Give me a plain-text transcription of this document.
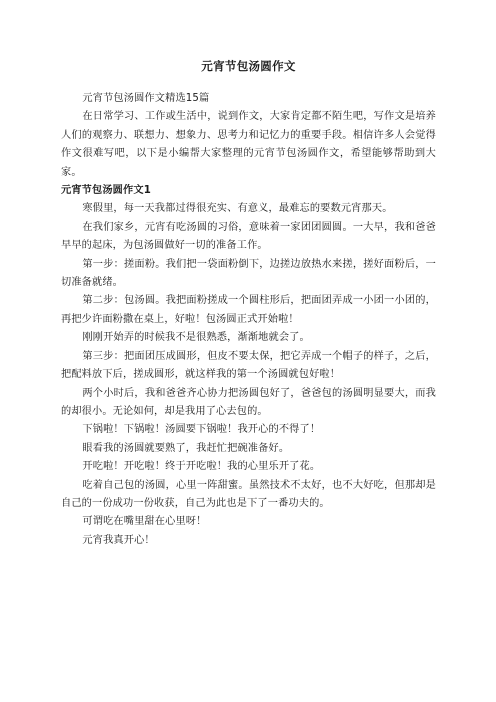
元宵节包汤圆作文

元宵节包汤圆作文精选15篇

在日常学习、工作或生活中，说到作文，大家肯定都不陌生吧，写作文是培养人们的观察力、联想力、想象力、思考力和记忆力的重要手段。相信许多人会觉得作文很难写吧，以下是小编帮大家整理的元宵节包汤圆作文，希望能够帮助到大家。

元宵节包汤圆作文1

寒假里，每一天我都过得很充实、有意义，最难忘的要数元宵那天。

在我们家乡，元宵有吃汤圆的习俗，意味着一家团团圆圆。一大早，我和爸爸早早的起床，为包汤圆做好一切的准备工作。

第一步：搓面粉。我们把一袋面粉倒下，边搓边放热水来搓，搓好面粉后，一切准备就绪。

第二步：包汤圆。我把面粉搓成一个圆柱形后，把面团弄成一小团一小团的，再把少许面粉撒在桌上，好啦！包汤圆正式开始啦！

刚刚开始弄的时候我不是很熟悉，渐渐地就会了。

第三步：把面团压成圆形，但皮不要太保，把它弄成一个帽子的样子，之后，把配料放下后，搓成圆形，就这样我的第一个汤圆就包好啦！

两个小时后，我和爸爸齐心协力把汤圆包好了，爸爸包的汤圆明显要大，而我的却很小。无论如何，却是我用了心去包的。

下锅啦！下锅啦！汤圆要下锅啦！我开心的不得了！

眼看我的汤圆就要熟了，我赶忙把碗准备好。

开吃啦！开吃啦！终于开吃啦！我的心里乐开了花。

吃着自己包的汤圆，心里一阵甜蜜。虽然技术不太好，也不大好吃，但那却是自己的一份成功一份收获，自己为此也是下了一番功夫的。

可谓吃在嘴里甜在心里呀！

元宵我真开心！
